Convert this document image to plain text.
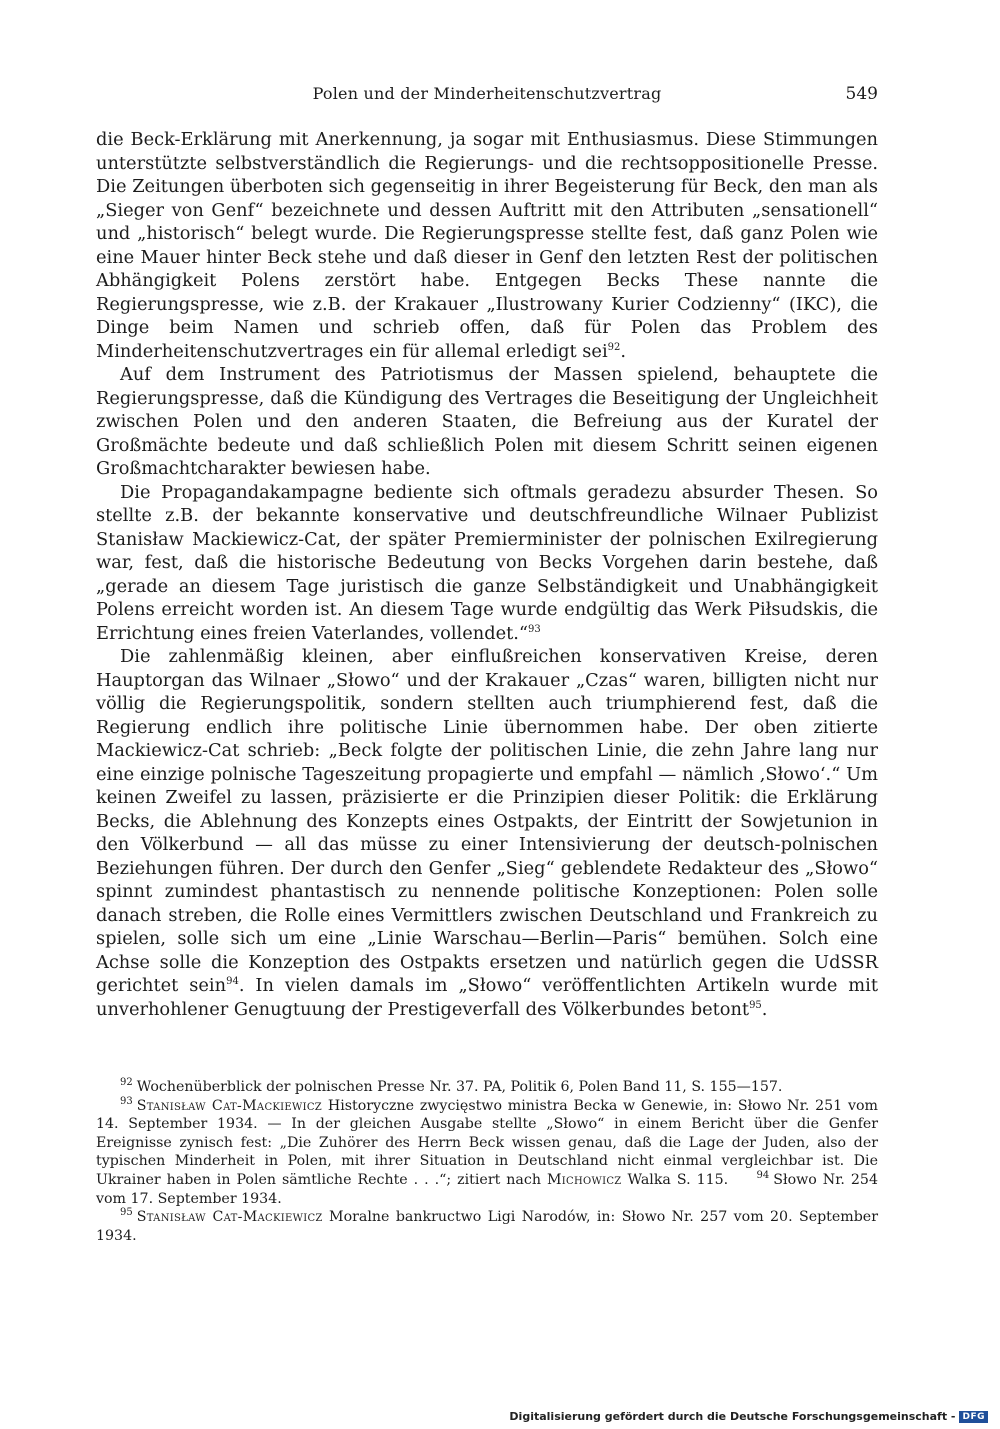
Polen und der Minderheitenschutzvertrag	549

die Beck-Erklärung mit Anerkennung, ja sogar mit Enthusiasmus. Diese Stimmungen unterstützte selbstverständlich die Regierungs- und die rechtsoppositionelle Presse. Die Zeitungen überboten sich gegenseitig in ihrer Begeisterung für Beck, den man als „Sieger von Genf“ bezeichnete und dessen Auftritt mit den Attributen „sensationell“ und „historisch“ belegt wurde. Die Regierungspresse stellte fest, daß ganz Polen wie eine Mauer hinter Beck stehe und daß dieser in Genf den letzten Rest der politischen Abhängigkeit Polens zerstört habe. Entgegen Becks These nannte die Regierungspresse, wie z.B. der Krakauer „Ilustrowany Kurier Codzienny“ (IKC), die Dinge beim Namen und schrieb offen, daß für Polen das Problem des Minderheitenschutzvertrages ein für allemal erledigt sei$^{92}$.

Auf dem Instrument des Patriotismus der Massen spielend, behauptete die Regierungspresse, daß die Kündigung des Vertrages die Beseitigung der Ungleichheit zwischen Polen und den anderen Staaten, die Befreiung aus der Kuratel der Großmächte bedeute und daß schließlich Polen mit diesem Schritt seinen eigenen Großmachtcharakter bewiesen habe.

Die Propagandakampagne bediente sich oftmals geradezu absurder Thesen. So stellte z.B. der bekannte konservative und deutschfreundliche Wilnaer Publizist Stanisław Mackiewicz-Cat, der später Premierminister der polnischen Exilregierung war, fest, daß die historische Bedeutung von Becks Vorgehen darin bestehe, daß „gerade an diesem Tage juristisch die ganze Selbständigkeit und Unabhängigkeit Polens erreicht worden ist. An diesem Tage wurde endgültig das Werk Piłsudskis, die Errichtung eines freien Vaterlandes, vollendet.“$^{93}$

Die zahlenmäßig kleinen, aber einflußreichen konservativen Kreise, deren Hauptorgan das Wilnaer „Słowo“ und der Krakauer „Czas“ waren, billigten nicht nur völlig die Regierungspolitik, sondern stellten auch triumphierend fest, daß die Regierung endlich ihre politische Linie übernommen habe. Der oben zitierte Mackiewicz-Cat schrieb: „Beck folgte der politischen Linie, die zehn Jahre lang nur eine einzige polnische Tageszeitung propagierte und empfahl — nämlich ‚Słowo‘.“ Um keinen Zweifel zu lassen, präzisierte er die Prinzipien dieser Politik: die Erklärung Becks, die Ablehnung des Konzepts eines Ostpakts, der Eintritt der Sowjetunion in den Völkerbund — all das müsse zu einer Intensivierung der deutsch-polnischen Beziehungen führen. Der durch den Genfer „Sieg“ geblendete Redakteur des „Słowo“ spinnt zumindest phantastisch zu nennende politische Konzeptionen: Polen solle danach streben, die Rolle eines Vermittlers zwischen Deutschland und Frankreich zu spielen, solle sich um eine „Linie Warschau—Berlin—Paris“ bemühen. Solch eine Achse solle die Konzeption des Ostpakts ersetzen und natürlich gegen die UdSSR gerichtet sein$^{94}$. In vielen damals im „Słowo“ veröffentlichten Artikeln wurde mit unverhohlener Genugtuung der Prestigeverfall des Völkerbundes betont$^{95}$.

$^{92}$ Wochenüberblick der polnischen Presse Nr. 37. PA, Politik 6, Polen Band 11, S. 155—157.

$^{93}$ Stanisław Cat-Mackiewicz Historyczne zwycięstwo ministra Becka w Genewie, in: Słowo Nr. 251 vom 14. September 1934. — In der gleichen Ausgabe stellte „Słowo“ in einem Bericht über die Genfer Ereignisse zynisch fest: „Die Zuhörer des Herrn Beck wissen genau, daß die Lage der Juden, also der typischen Minderheit in Polen, mit ihrer Situation in Deutschland nicht einmal vergleichbar ist. Die Ukrainer haben in Polen sämtliche Rechte . . .“; zitiert nach Michowicz Walka S. 115.  	$^{94}$ Słowo Nr. 254 vom 17. September 1934.

$^{95}$ Stanisław Cat-Mackiewicz Moralne bankructwo Ligi Narodów, in: Słowo Nr. 257 vom 20. September 1934.

Digitalisierung gefördert durch die Deutsche Forschungsgemeinschaft - DFG
